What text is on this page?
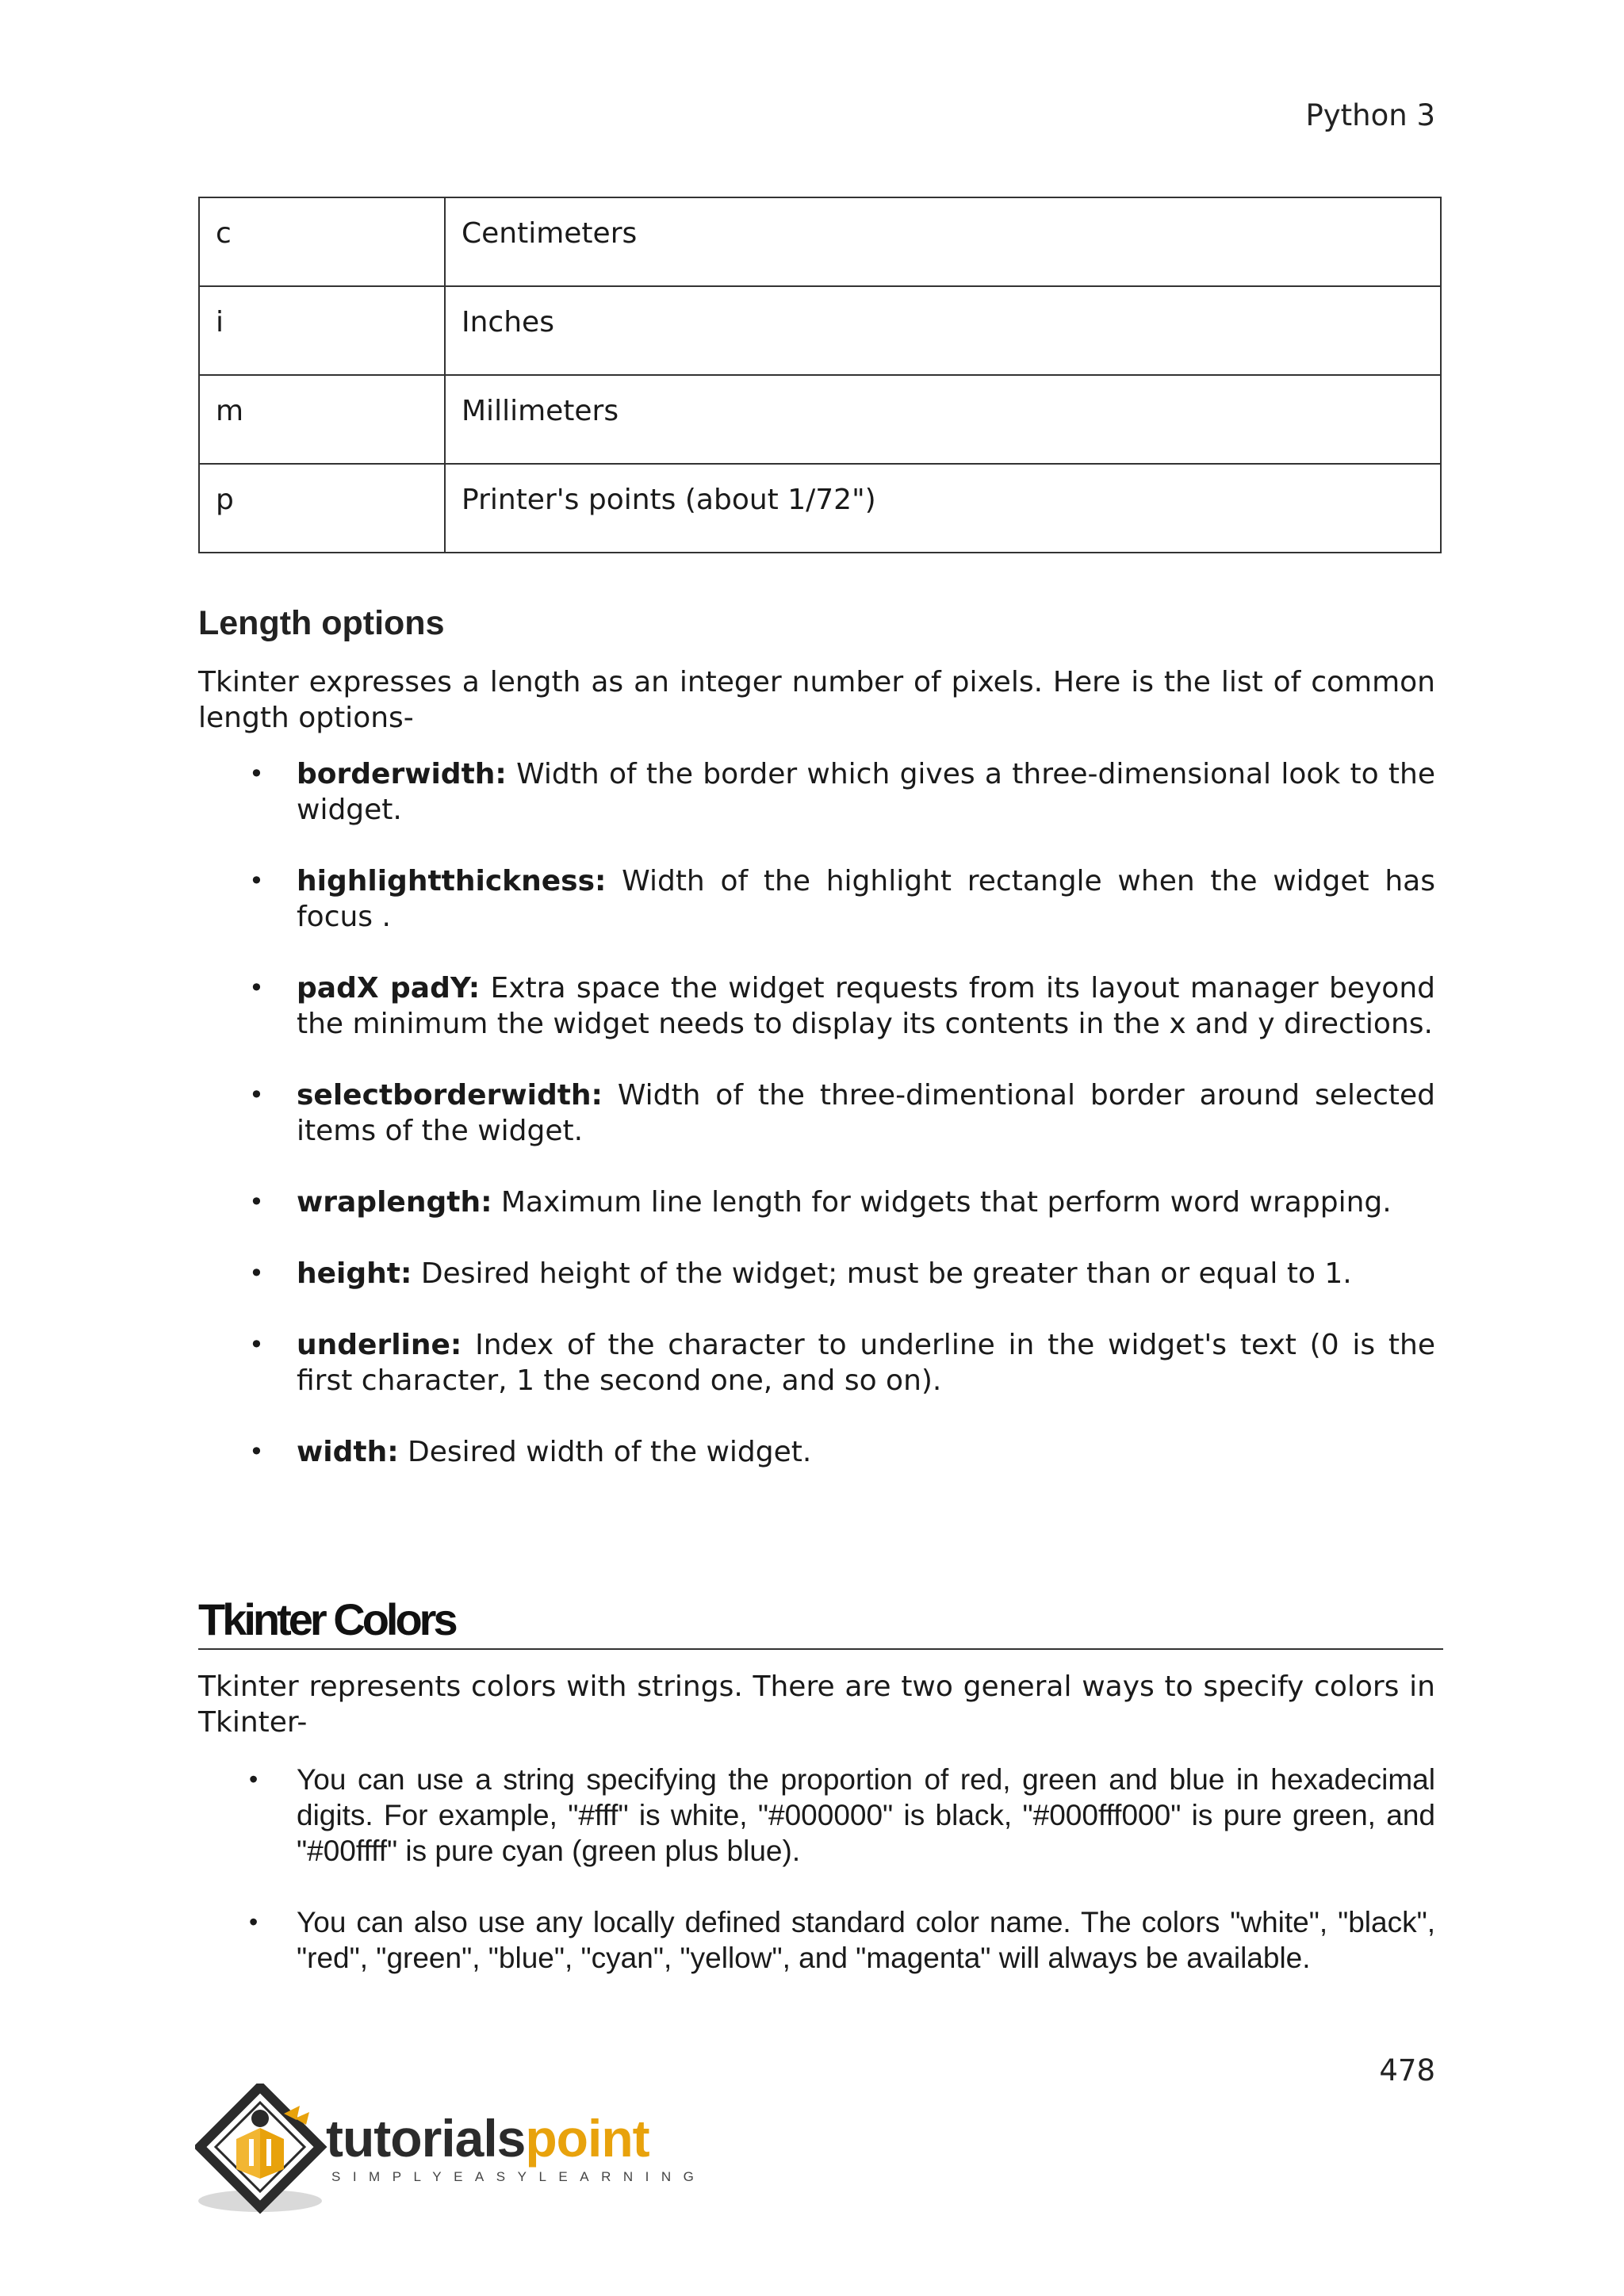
Python 3
c	Centimeters
i	Inches
m	Millimeters
p	Printer's points (about 1/72")
Length options

Tkinter expresses a length as an integer number of pixels. Here is the list of common length options-

• borderwidth: Width of the border which gives a three-dimensional look to the widget.
• highlightthickness: Width of the highlight rectangle when the widget has focus .
• padX padY: Extra space the widget requests from its layout manager beyond the minimum the widget needs to display its contents in the x and y directions.
• selectborderwidth: Width of the three-dimentional border around selected items of the widget.
• wraplength: Maximum line length for widgets that perform word wrapping.
• height: Desired height of the widget; must be greater than or equal to 1.
• underline: Index of the character to underline in the widget's text (0 is the first character, 1 the second one, and so on).
• width: Desired width of the widget.
Tkinter Colors

Tkinter represents colors with strings. There are two general ways to specify colors in Tkinter-

• You can use a string specifying the proportion of red, green and blue in hexadecimal digits. For example, "#fff" is white, "#000000" is black, "#000fff000" is pure green, and "#00ffff" is pure cyan (green plus blue).
• You can also use any locally defined standard color name. The colors "white", "black", "red", "green", "blue", "cyan", "yellow", and "magenta" will always be available.
478
tutorialspoint
SIMPLYEASYLEARNING
